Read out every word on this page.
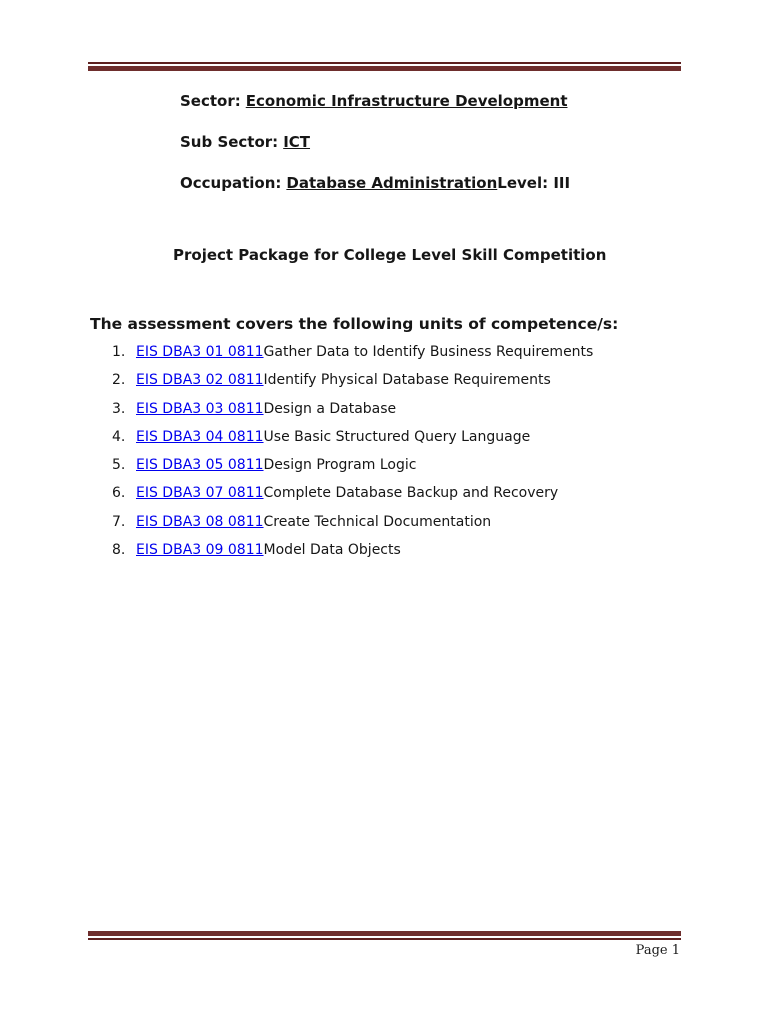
Sector: Economic Infrastructure Development
Sub Sector: ICT
Occupation: Database AdministrationLevel: III
Project Package for College Level Skill Competition
The assessment covers the following units of competence/s:
1. EIS DBA3 01 0811Gather Data to Identify Business Requirements
2. EIS DBA3 02 0811Identify Physical Database Requirements
3. EIS DBA3 03 0811Design a Database
4. EIS DBA3 04 0811Use Basic Structured Query Language
5. EIS DBA3 05 0811Design Program Logic
6. EIS DBA3 07 0811Complete Database Backup and Recovery
7. EIS DBA3 08 0811Create Technical Documentation
8. EIS DBA3 09 0811Model Data Objects
Page 1
